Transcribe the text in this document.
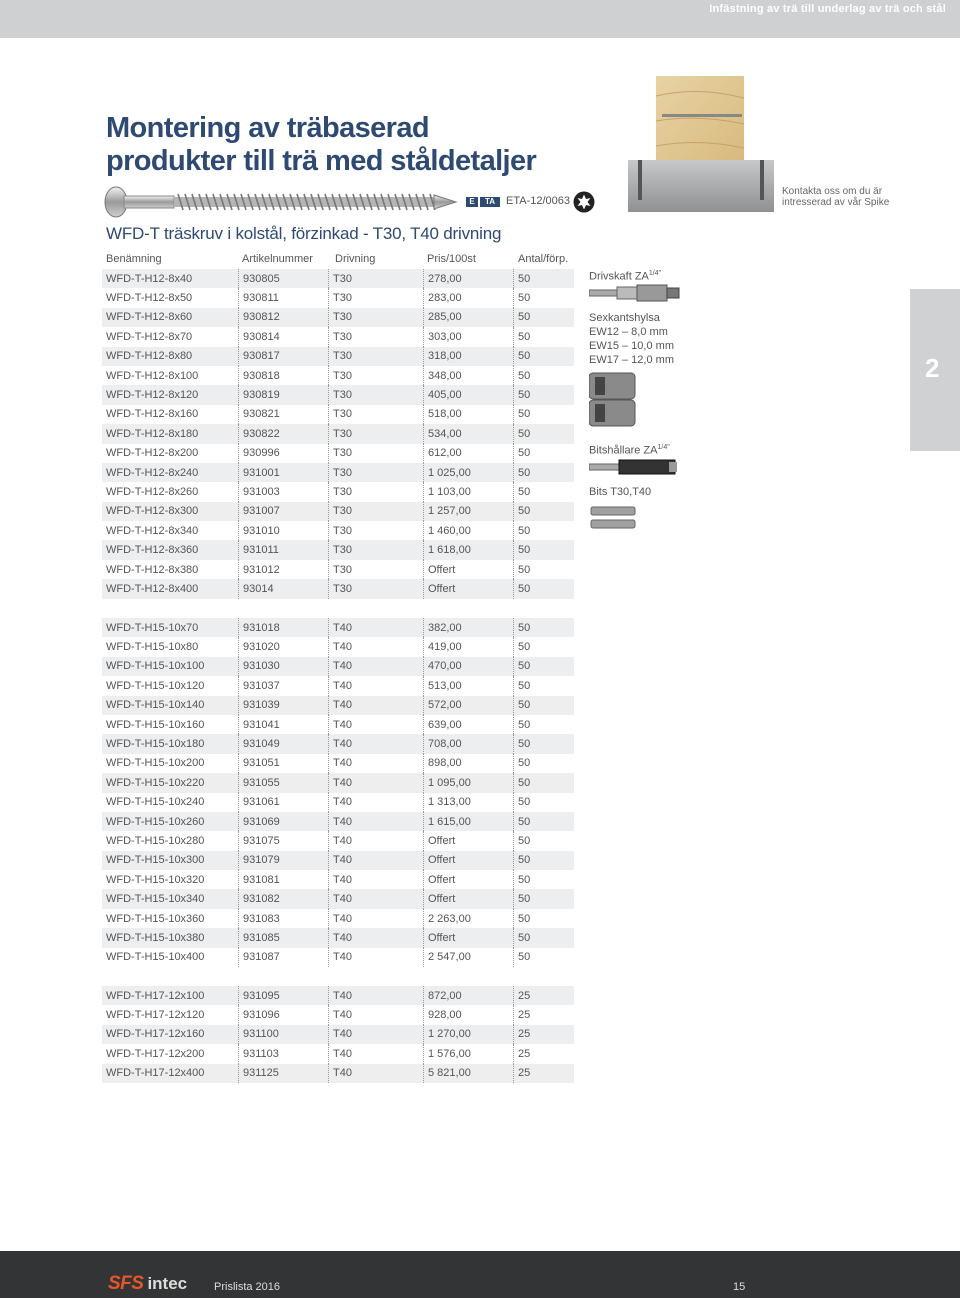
Infästning av trä till underlag av trä och stål
Montering av träbaserad
produkter till trä med ståldetaljer
E	TA ETA-12/0063
WFD-T träskruv i kolstål, förzinkad - T30, T40 drivning
Benämning	Artikelnummer Drivning	Pris/100st	Antal/förp.
WFD-T-H12-8x40	930805	T30	278,00	50
WFD-T-H12-8x50	930811	T30	283,00	50
WFD-T-H12-8x60	930812	T30	285,00	50
WFD-T-H12-8x70	930814	T30	303,00	50
WFD-T-H12-8x80	930817	T30	318,00	50
WFD-T-H12-8x100	930818	T30	348,00	50
WFD-T-H12-8x120	930819	T30	405,00	50
WFD-T-H12-8x160	930821	T30	518,00	50
WFD-T-H12-8x180	930822	T30	534,00	50
WFD-T-H12-8x200	930996	T30	612,00	50
WFD-T-H12-8x240	931001	T30	1 025,00	50
WFD-T-H12-8x260	931003	T30	1 103,00	50
WFD-T-H12-8x300	931007	T30	1 257,00	50
WFD-T-H12-8x340	931010	T30	1 460,00	50
WFD-T-H12-8x360	931011	T30	1 618,00	50
WFD-T-H12-8x380	931012	T30	Offert	50
WFD-T-H12-8x400	93014	T30	Offert	50
WFD-T-H15-10x70	931018	T40	382,00	50
WFD-T-H15-10x80	931020	T40	419,00	50
WFD-T-H15-10x100	931030	T40	470,00	50
WFD-T-H15-10x120	931037	T40	513,00	50
WFD-T-H15-10x140	931039	T40	572,00	50
WFD-T-H15-10x160	931041	T40	639,00	50
WFD-T-H15-10x180	931049	T40	708,00	50
WFD-T-H15-10x200	931051	T40	898,00	50
WFD-T-H15-10x220	931055	T40	1 095,00	50
WFD-T-H15-10x240	931061	T40	1 313,00	50
WFD-T-H15-10x260	931069	T40	1 615,00	50
WFD-T-H15-10x280	931075	T40	Offert	50
WFD-T-H15-10x300	931079	T40	Offert	50
WFD-T-H15-10x320	931081	T40	Offert	50
WFD-T-H15-10x340	931082	T40	Offert	50
WFD-T-H15-10x360	931083	T40	2 263,00	50
WFD-T-H15-10x380	931085	T40	Offert	50
WFD-T-H15-10x400	931087	T40	2 547,00	50
WFD-T-H17-12x100	931095	T40	872,00	25
WFD-T-H17-12x120	931096	T40	928,00	25
WFD-T-H17-12x160	931100	T40	1 270,00	25
WFD-T-H17-12x200	931103	T40	1 576,00	25
WFD-T-H17-12x400	931125	T40	5 821,00	25
Drivskaft $ZA^{1/4"}$
Sexkantshylsa
EW12 – 8,0 mm
EW15 – 10,0 mm
EW17 – 12,0 mm
Bitshållare $ZA^{1/4"}$
Bits T30,T40
Kontakta oss om du är
intresserad av vår Spike
2
SFS intec Prislista 2016	15
